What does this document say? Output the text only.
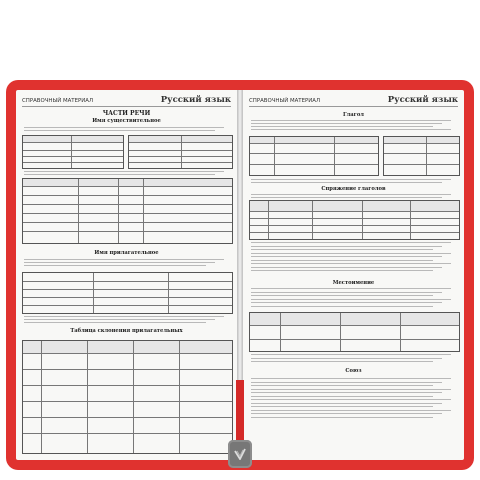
СПРАВОЧНЫЙ МАТЕРИАЛ	Русский язык
ЧАСТИ РЕЧИ
Имя существительное
Имя прилагательное
Таблица склонения прилагательных
СПРАВОЧНЫЙ МАТЕРИАЛ	Русский язык
Глагол
Спряжение глаголов
Местоимение
Союз
